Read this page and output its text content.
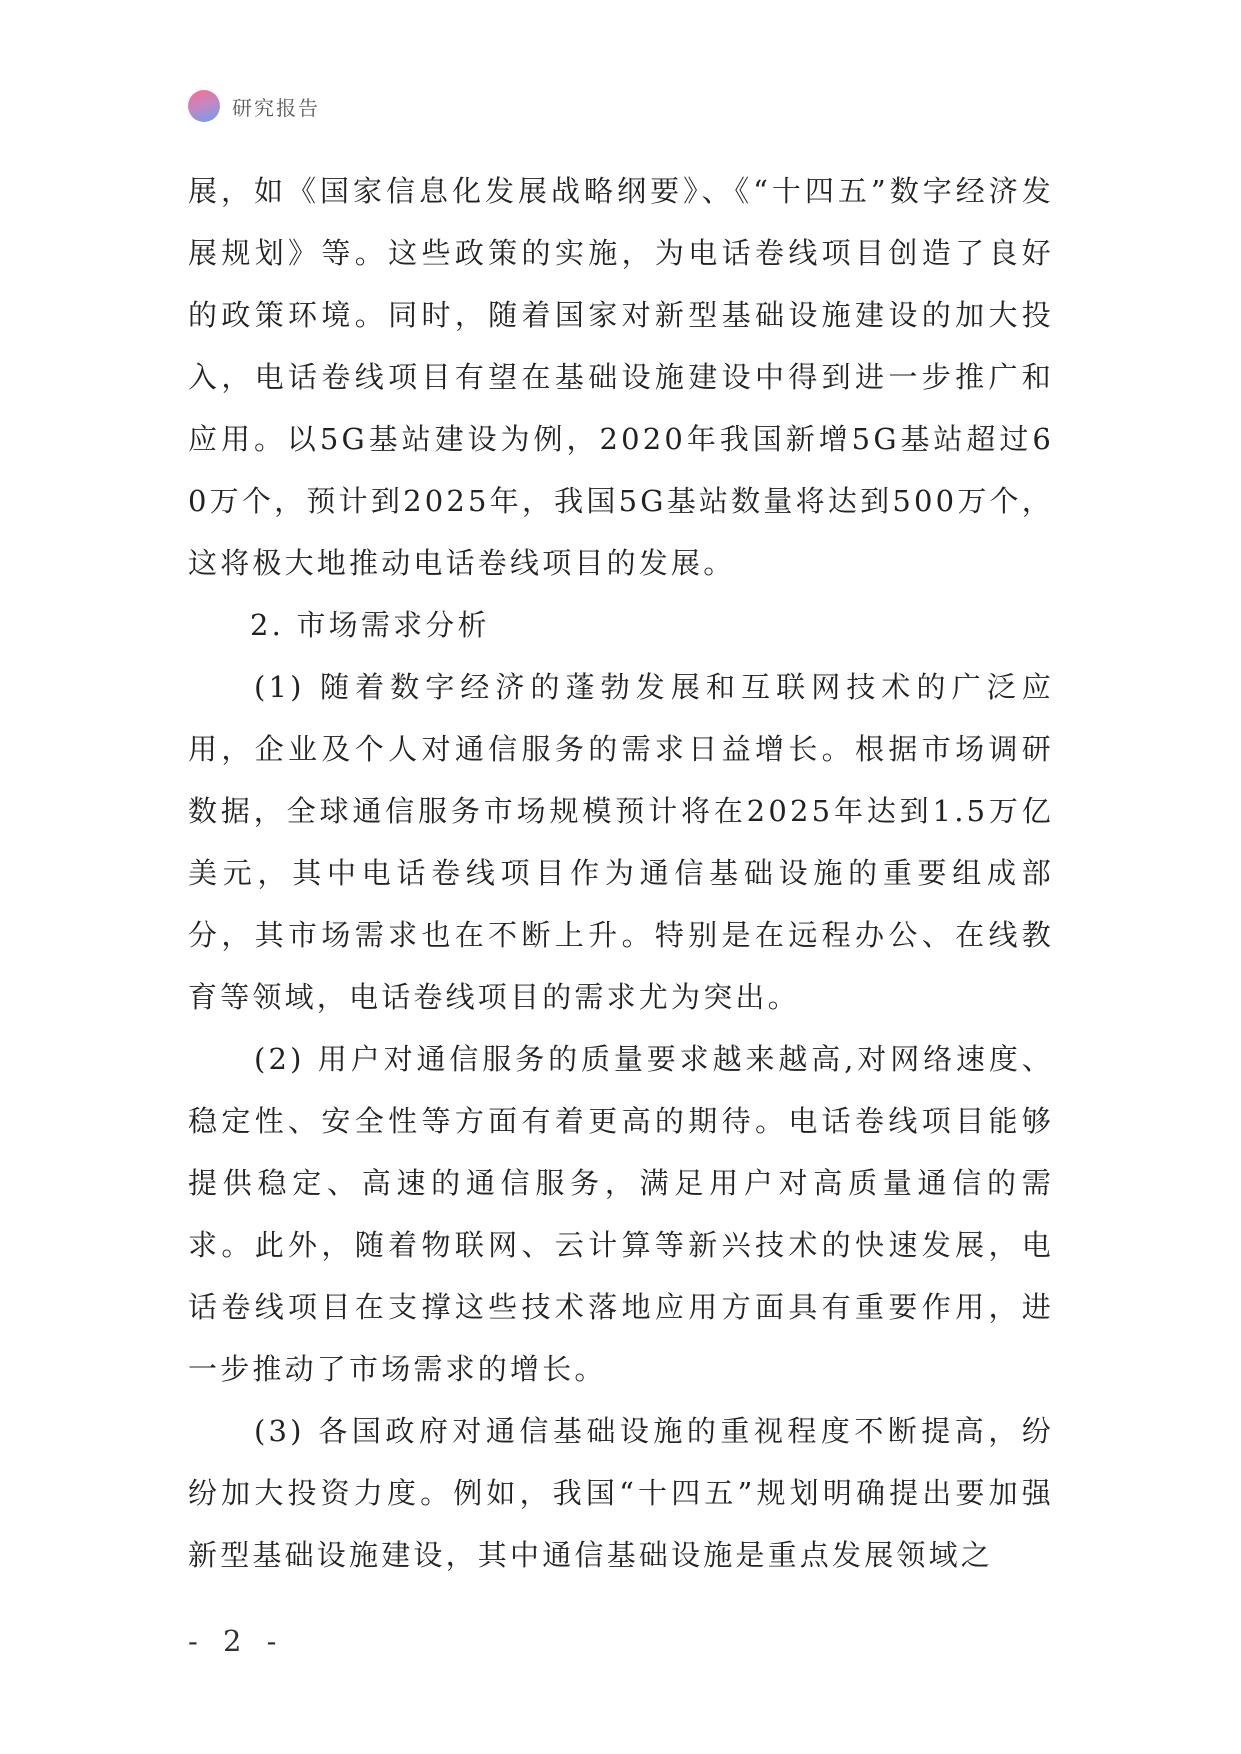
研究报告

展，如《国家信息化发展战略纲要》、《“十四五”数字经济发展规划》等。这些政策的实施，为电话卷线项目创造了良好的政策环境。同时，随着国家对新型基础设施建设的加大投入，电话卷线项目有望在基础设施建设中得到进一步推广和应用。以5G基站建设为例，2020年我国新增5G基站超过60万个，预计到2025年，我国5G基站数量将达到500万个，这将极大地推动电话卷线项目的发展。

2. 市场需求分析

(1) 随着数字经济的蓬勃发展和互联网技术的广泛应用，企业及个人对通信服务的需求日益增长。根据市场调研数据，全球通信服务市场规模预计将在2025年达到1.5万亿美元，其中电话卷线项目作为通信基础设施的重要组成部分，其市场需求也在不断上升。特别是在远程办公、在线教育等领域，电话卷线项目的需求尤为突出。

(2) 用户对通信服务的质量要求越来越高,对网络速度、稳定性、安全性等方面有着更高的期待。电话卷线项目能够提供稳定、高速的通信服务，满足用户对高质量通信的需求。此外，随着物联网、云计算等新兴技术的快速发展，电话卷线项目在支撑这些技术落地应用方面具有重要作用，进一步推动了市场需求的增长。

(3) 各国政府对通信基础设施的重视程度不断提高，纷纷加大投资力度。例如，我国“十四五”规划明确提出要加强新型基础设施建设，其中通信基础设施是重点发展领域之

- 2 -
